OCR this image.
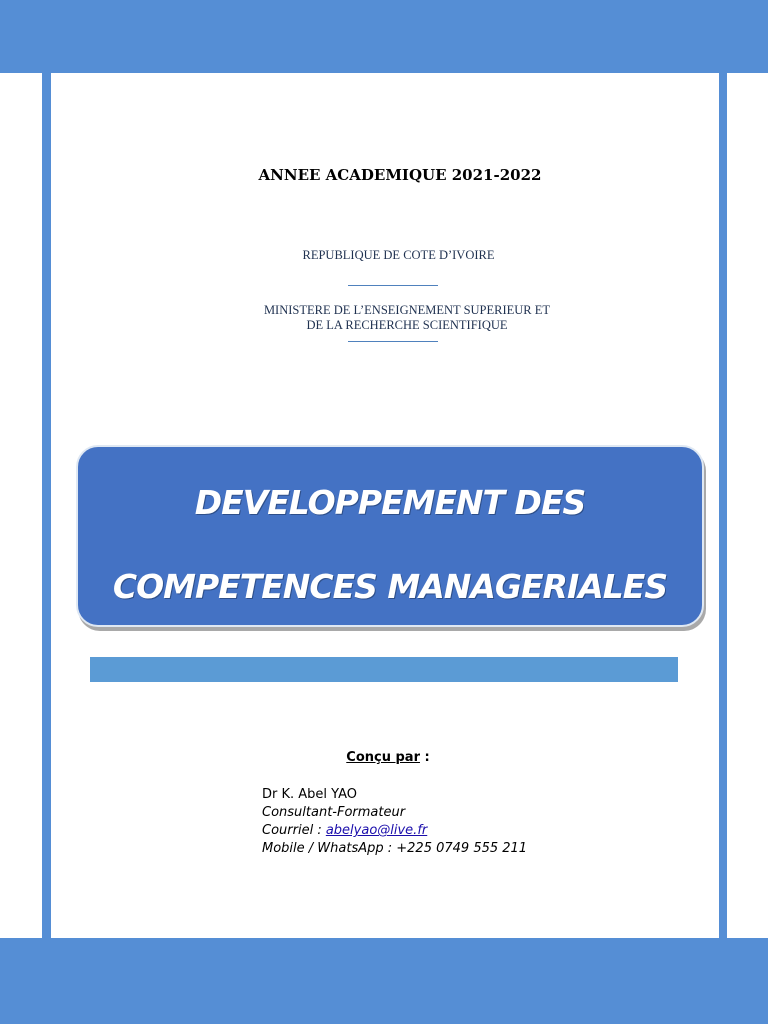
ANNEE ACADEMIQUE 2021-2022
REPUBLIQUE DE COTE D’IVOIRE
MINISTERE DE L’ENSEIGNEMENT SUPERIEUR ET
DE LA RECHERCHE SCIENTIFIQUE
DEVELOPPEMENT DES
COMPETENCES MANAGERIALES
Conçu par :
Dr K. Abel YAO
Consultant-Formateur
Courriel : abelyao@live.fr
Mobile / WhatsApp : +225 0749 555 211
